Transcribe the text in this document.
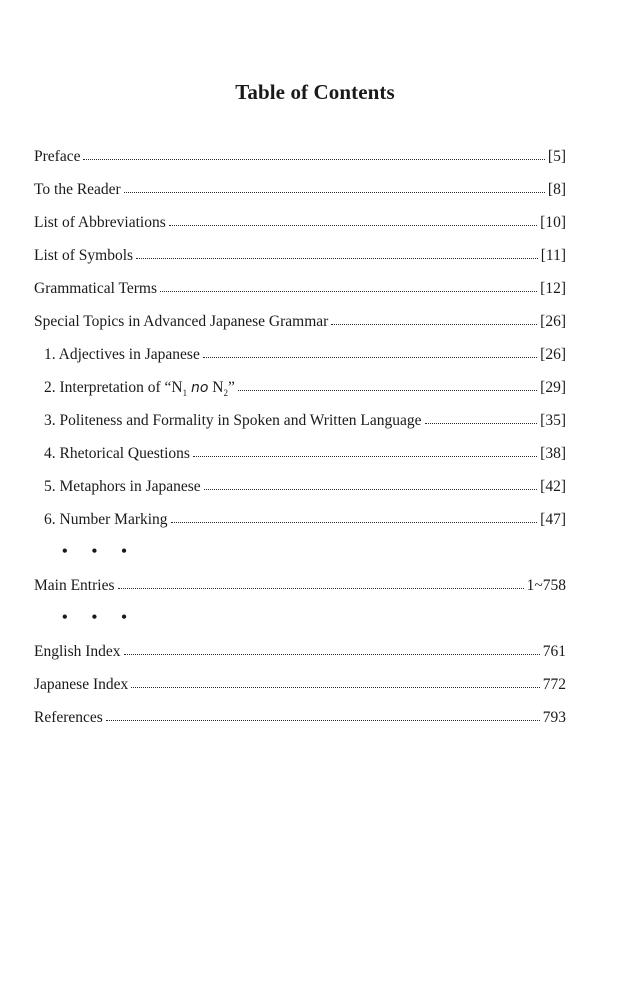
Table of Contents
Preface	[5]
To the Reader	[8]
List of Abbreviations	[10]
List of Symbols	[11]
Grammatical Terms	[12]
Special Topics in Advanced Japanese Grammar	[26]
1. Adjectives in Japanese	[26]
2. Interpretation of “$N_1$ no $N_2$”	[29]
3. Politeness and Formality in Spoken and Written Language	[35]
4. Rhetorical Questions	[38]
5. Metaphors in Japanese	[42]
6. Number Marking	[47]
• • •
Main Entries	1~758
• • •
English Index	761
Japanese Index	772
References	793
